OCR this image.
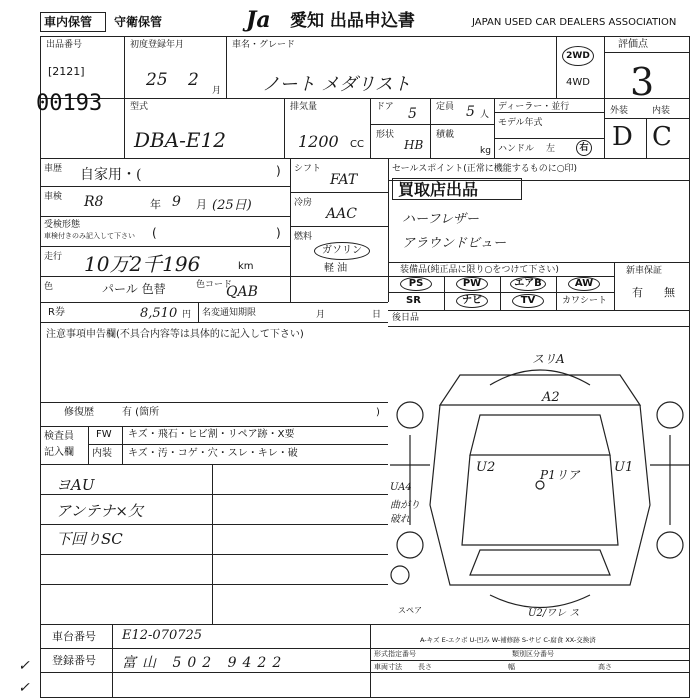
車内保管 守衛保管	Ja 愛知 出品申込書	JAPAN USED CAR DEALERS ASSOCIATION
出品番号
[2121]
00193
初度登録年月
25 2
月
車名・グレード
ノート メダリスト
2WD
4WD
評価点
3
外装	内装
D C
型式
DBA-E12
排気量
1200 CC
ドア 5 定員 5 人
形状
HB
積載
kg
ディーラー・並行
モデル年式
ハンドル 左	右
車歴 自家用・(	)
車検 R8	年 9 月 (25日)
受検形態
車検付きのみ記入して下さい (	)
走行 10万2千196	km
色	パール 色替	色コード
QAB
シフト
FAT
冷房
AAC
燃料
ガソリン
軽 油
R券	8,510 円 名変通知期限	月	日
注意事項申告欄(不具合内容等は具体的に記入して下さい)
修復歴	有 (箇所	)
検査員
記入欄
FW キズ・飛石・ヒビ割・リペア跡・X要
内装 キズ・汚・コゲ・穴・スレ・キレ・破
ヨAU
アンテナ×欠
下回りSC
セールスポイント(正常に機能するものに○印)
買取店出品
ハーフレザー
アラウンドビュー
装備品(純正品に限り○をつけて下さい)
PS	PW	エアB	AW
SR	ナビ	TV	カワシート
新車保証
有 無
後日品
スリA
A2
U2	P1リア	U1
UA4
曲がり
破れ
U2/ワレ ス
スペア
A-キズ E-エクボ U-凹み W-補修跡 S-サビ C-腐食 XX-交換済
✓
✓
車台番号 E12-070725
登録番号 富山 502 9422
形式指定番号	類別区分番号
車両寸法 長さ	幅	高さ
